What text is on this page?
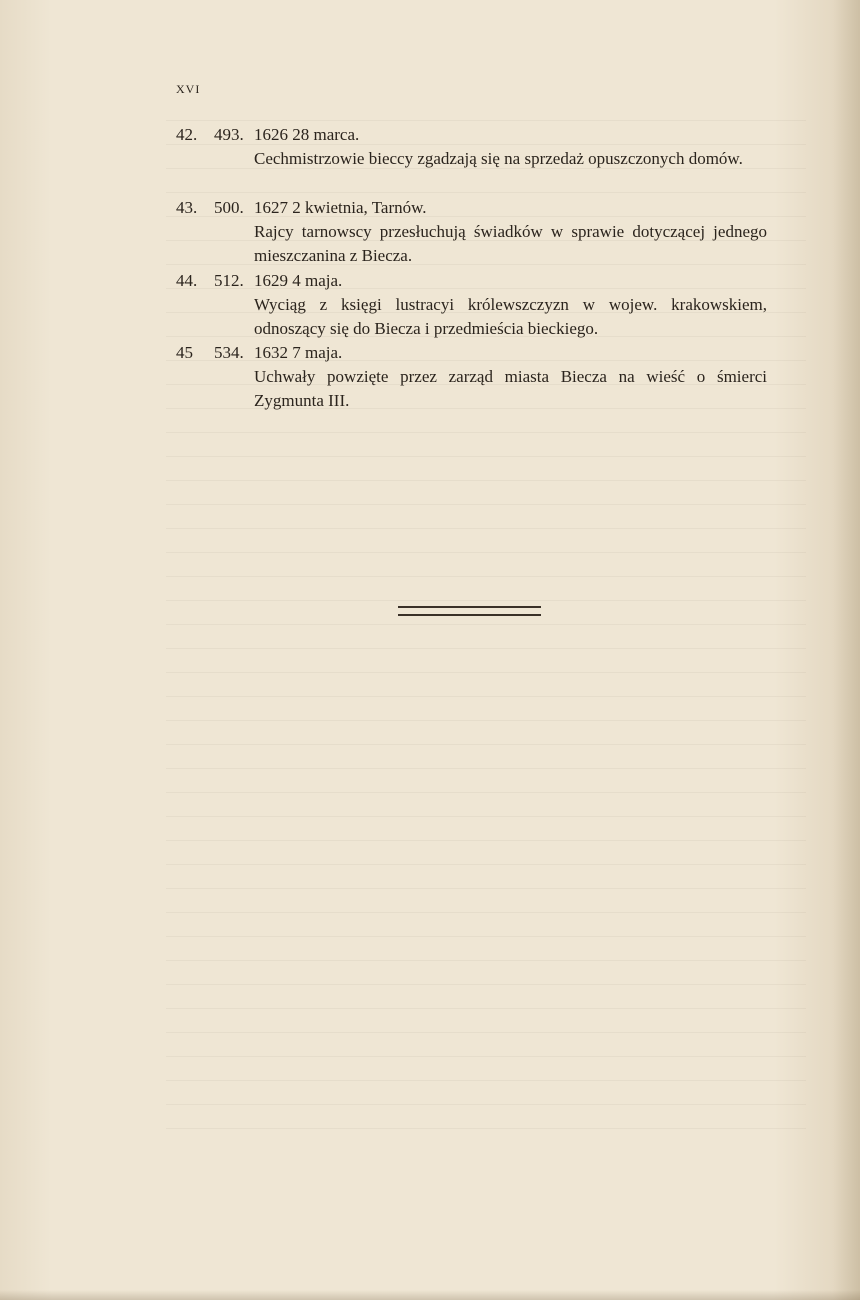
XVI
42. 493. 1626 28 marca.
Cechmistrzowie bieccy zgadzają się na sprzedaż opuszczonych domów.
43. 500. 1627 2 kwietnia, Tarnów.
Rajcy tarnowscy przesłuchują świadków w sprawie dotyczącej jednego mieszczanina z Biecza.
44. 512. 1629 4 maja.
Wyciąg z księgi lustracyi królewszczyzn w wojew. krakowskiem, odnoszący się do Biecza i przedmieścia bieckiego.
45 534. 1632 7 maja.
Uchwały powzięte przez zarząd miasta Biecza na wieść o śmierci Zygmunta III.
